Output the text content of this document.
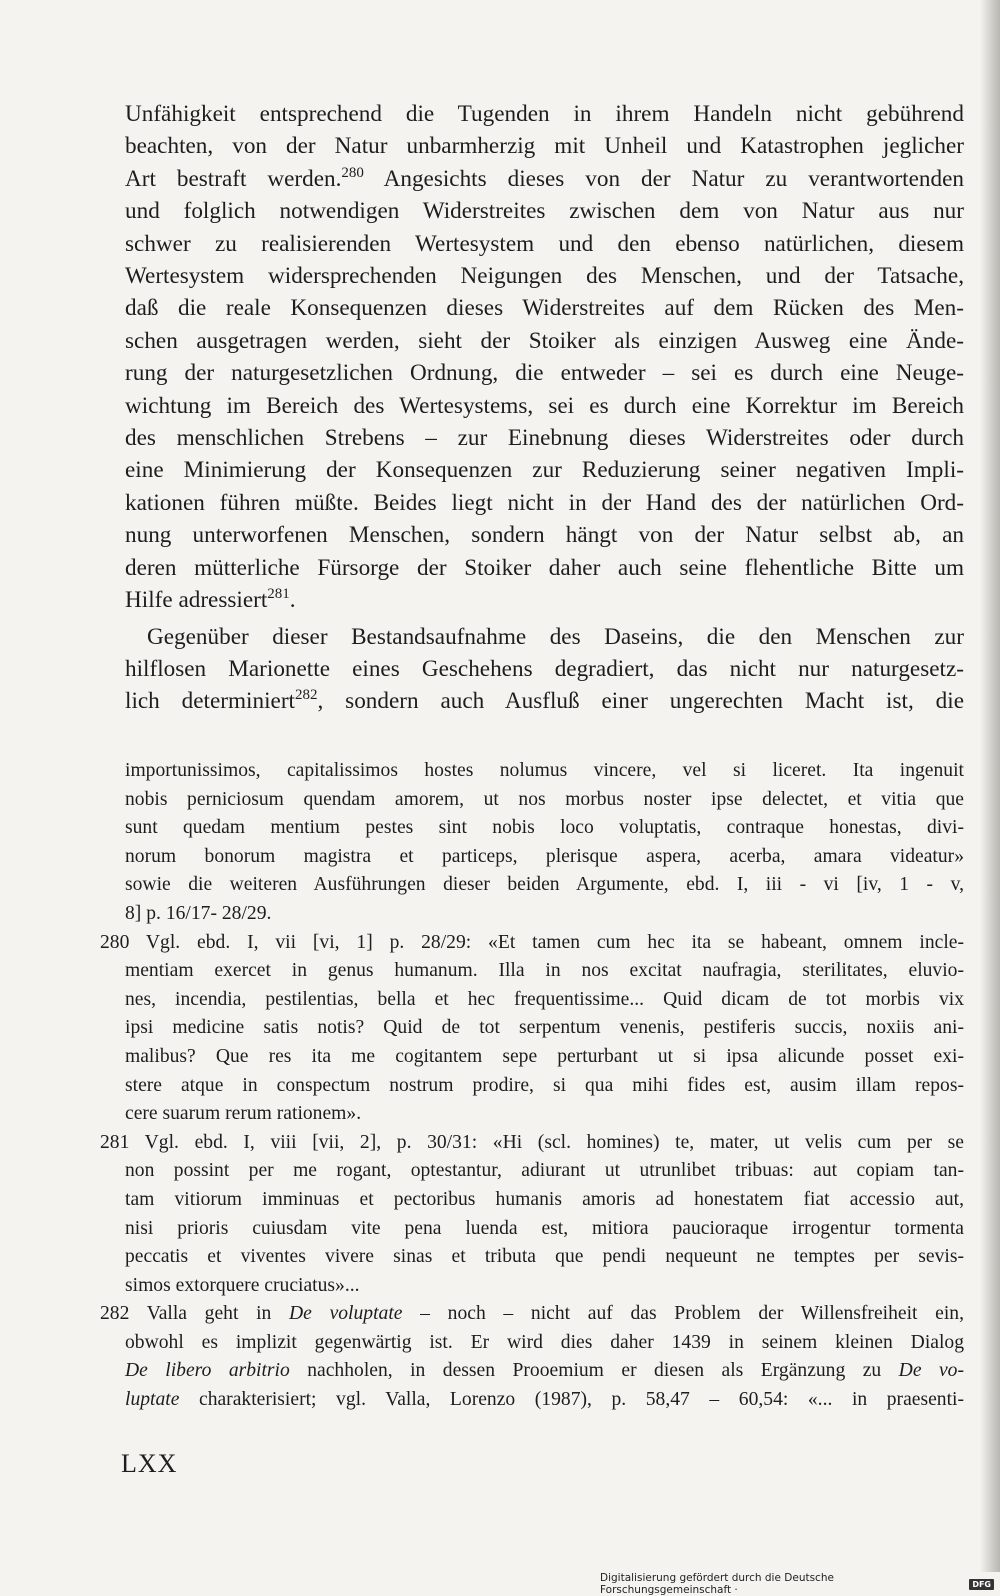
Unfähigkeit entsprechend die Tugenden in ihrem Handeln nicht gebührend
beachten, von der Natur unbarmherzig mit Unheil und Katastrophen jeglicher
Art bestraft werden.$^{280}$ Angesichts dieses von der Natur zu verantwortenden
und folglich notwendigen Widerstreites zwischen dem von Natur aus nur
schwer zu realisierenden Wertesystem und den ebenso natürlichen, diesem
Wertesystem widersprechenden Neigungen des Menschen, und der Tatsache,
daß die reale Konsequenzen dieses Widerstreites auf dem Rücken des Men-
schen ausgetragen werden, sieht der Stoiker als einzigen Ausweg eine Ände-
rung der naturgesetzlichen Ordnung, die entweder – sei es durch eine Neuge-
wichtung im Bereich des Wertesystems, sei es durch eine Korrektur im Bereich
des menschlichen Strebens – zur Einebnung dieses Widerstreites oder durch
eine Minimierung der Konsequenzen zur Reduzierung seiner negativen Impli-
kationen führen müßte. Beides liegt nicht in der Hand des der natürlichen Ord-
nung unterworfenen Menschen, sondern hängt von der Natur selbst ab, an
deren mütterliche Fürsorge der Stoiker daher auch seine flehentliche Bitte um
Hilfe adressiert$^{281}$.

Gegenüber dieser Bestandsaufnahme des Daseins, die den Menschen zur
hilflosen Marionette eines Geschehens degradiert, das nicht nur naturgesetz-
lich determiniert$^{282}$, sondern auch Ausfluß einer ungerechten Macht ist, die

importunissimos, capitalissimos hostes nolumus vincere, vel si liceret. Ita ingenuit
nobis perniciosum quendam amorem, ut nos morbus noster ipse delectet, et vitia que
sunt quedam mentium pestes sint nobis loco voluptatis, contraque honestas, divi-
norum bonorum magistra et particeps, plerisque aspera, acerba, amara videatur»
sowie die weiteren Ausführungen dieser beiden Argumente, ebd. I, iii - vi [iv, 1 - v,
8] p. 16/17- 28/29.
280 Vgl. ebd. I, vii [vi, 1] p. 28/29: «Et tamen cum hec ita se habeant, omnem incle-
mentiam exercet in genus humanum. Illa in nos excitat naufragia, sterilitates, eluvio-
nes, incendia, pestilentias, bella et hec frequentissime... Quid dicam de tot morbis vix
ipsi medicine satis notis? Quid de tot serpentum venenis, pestiferis succis, noxiis ani-
malibus? Que res ita me cogitantem sepe perturbant ut si ipsa alicunde posset exi-
stere atque in conspectum nostrum prodire, si qua mihi fides est, ausim illam repos-
cere suarum rerum rationem».
281 Vgl. ebd. I, viii [vii, 2], p. 30/31: «Hi (scl. homines) te, mater, ut velis cum per se
non possint per me rogant, optestantur, adiurant ut utrunlibet tribuas: aut copiam tan-
tam vitiorum imminuas et pectoribus humanis amoris ad honestatem fiat accessio aut,
nisi prioris cuiusdam vite pena luenda est, mitiora paucioraque irrogentur tormenta
peccatis et viventes vivere sinas et tributa que pendi nequeunt ne temptes per sevis-
simos extorquere cruciatus»...
282 Valla geht in De voluptate – noch – nicht auf das Problem der Willensfreiheit ein,
obwohl es implizit gegenwärtig ist. Er wird dies daher 1439 in seinem kleinen Dialog
De libero arbitrio nachholen, in dessen Prooemium er diesen als Ergänzung zu De vo-
luptate charakterisiert; vgl. Valla, Lorenzo (1987), p. 58,47 – 60,54: «... in praesenti-
LXX
Digitalisierung gefördert durch die Deutsche Forschungsgemeinschaft ·	DFG
